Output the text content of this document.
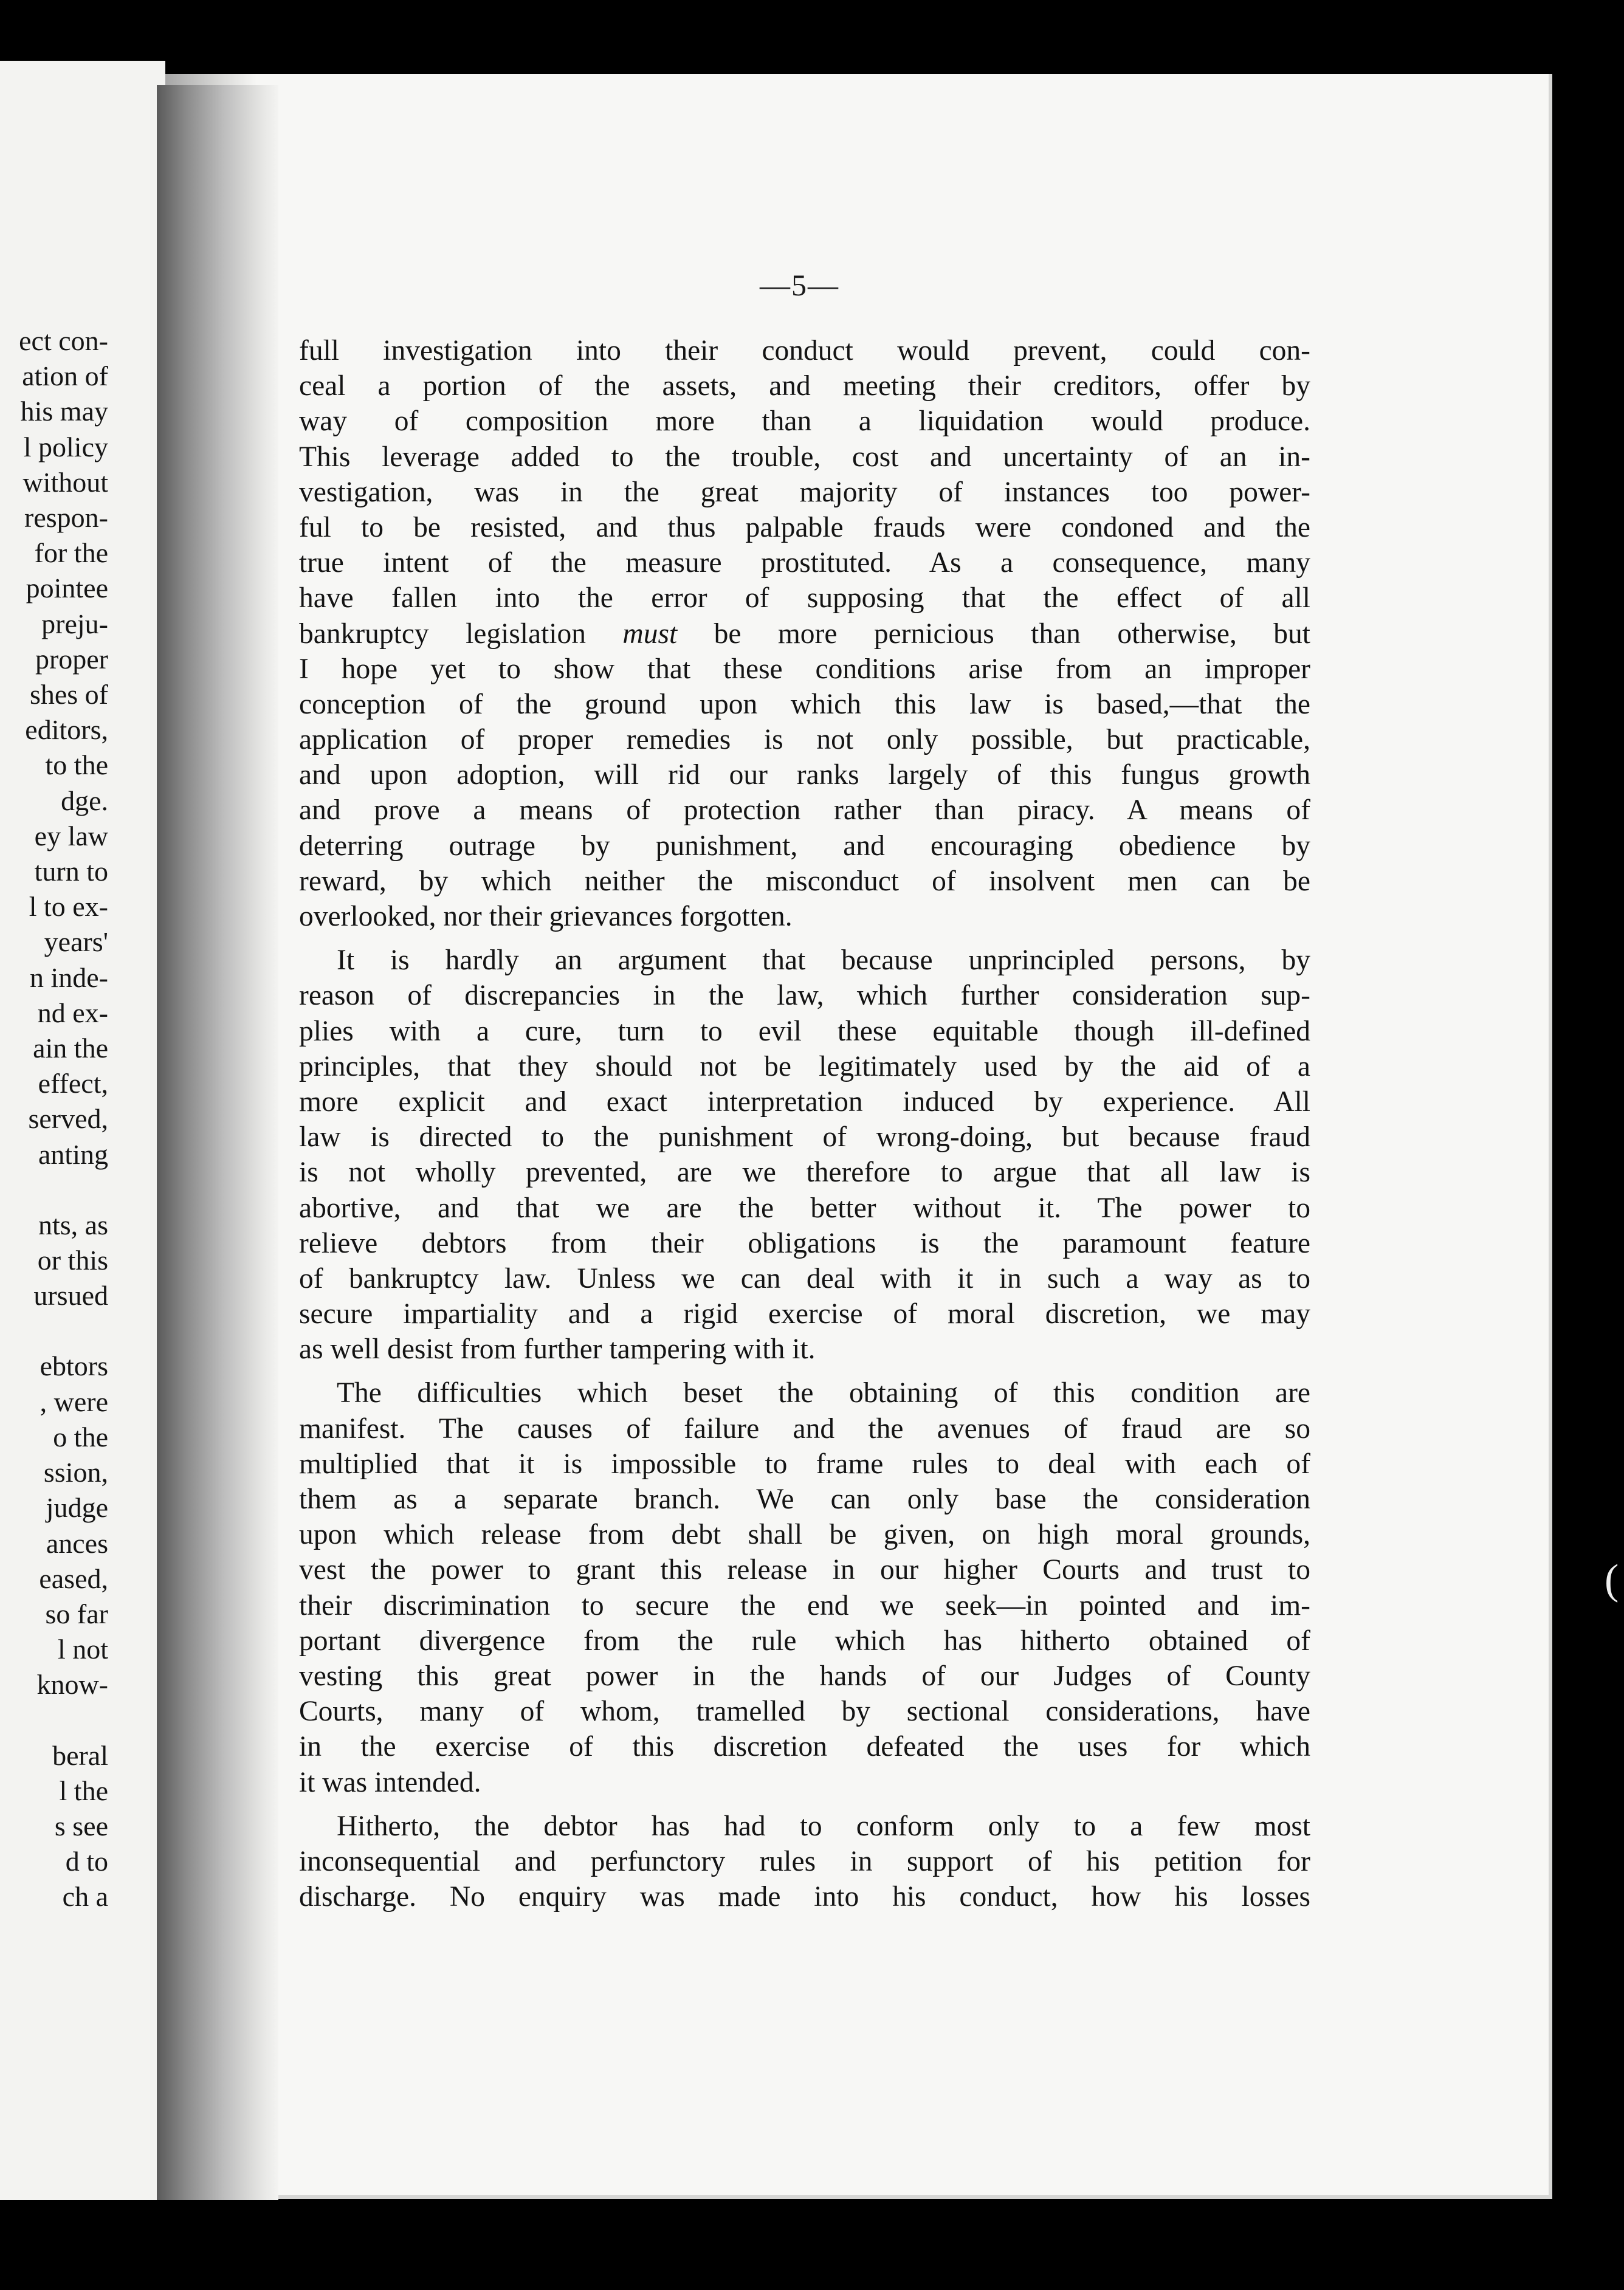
ect con-
ation of
his may
l policy
without
respon-
for the
pointee
preju-
proper
shes of
editors,
to the
dge.
ey law
turn to
l to ex-
years'
n inde-
nd ex-
ain the
effect,
served,
anting

nts, as
or this
ursued

ebtors
, were
o the
ssion,
judge
ances
eased,
so far
l not
know-

beral
l the
s see
d to
ch a
—5—
full investigation into their conduct would prevent, could con-
ceal a portion of the assets, and meeting their creditors, offer by
way of composition more than a liquidation would produce.
This leverage added to the trouble, cost and uncertainty of an in-
vestigation, was in the great majority of instances too power-
ful to be resisted, and thus palpable frauds were condoned and the
true intent of the measure prostituted. As a consequence, many
have fallen into the error of supposing that the effect of all
bankruptcy legislation must be more pernicious than otherwise, but
I hope yet to show that these conditions arise from an improper
conception of the ground upon which this law is based,—that the
application of proper remedies is not only possible, but practicable,
and upon adoption, will rid our ranks largely of this fungus growth
and prove a means of protection rather than piracy. A means of
deterring outrage by punishment, and encouraging obedience by
reward, by which neither the misconduct of insolvent men can be
overlooked, nor their grievances forgotten.
It is hardly an argument that because unprincipled persons, by
reason of discrepancies in the law, which further consideration sup-
plies with a cure, turn to evil these equitable though ill-defined
principles, that they should not be legitimately used by the aid of a
more explicit and exact interpretation induced by experience. All
law is directed to the punishment of wrong-doing, but because fraud
is not wholly prevented, are we therefore to argue that all law is
abortive, and that we are the better without it. The power to
relieve debtors from their obligations is the paramount feature
of bankruptcy law. Unless we can deal with it in such a way as to
secure impartiality and a rigid exercise of moral discretion, we may
as well desist from further tampering with it.
The difficulties which beset the obtaining of this condition are
manifest. The causes of failure and the avenues of fraud are so
multiplied that it is impossible to frame rules to deal with each of
them as a separate branch. We can only base the consideration
upon which release from debt shall be given, on high moral grounds,
vest the power to grant this release in our higher Courts and trust to
their discrimination to secure the end we seek—in pointed and im-
portant divergence from the rule which has hitherto obtained of
vesting this great power in the hands of our Judges of County
Courts, many of whom, tramelled by sectional considerations, have
in the exercise of this discretion defeated the uses for which
it was intended.
Hitherto, the debtor has had to conform only to a few most
inconsequential and perfunctory rules in support of his petition for
discharge. No enquiry was made into his conduct, how his losses
(
